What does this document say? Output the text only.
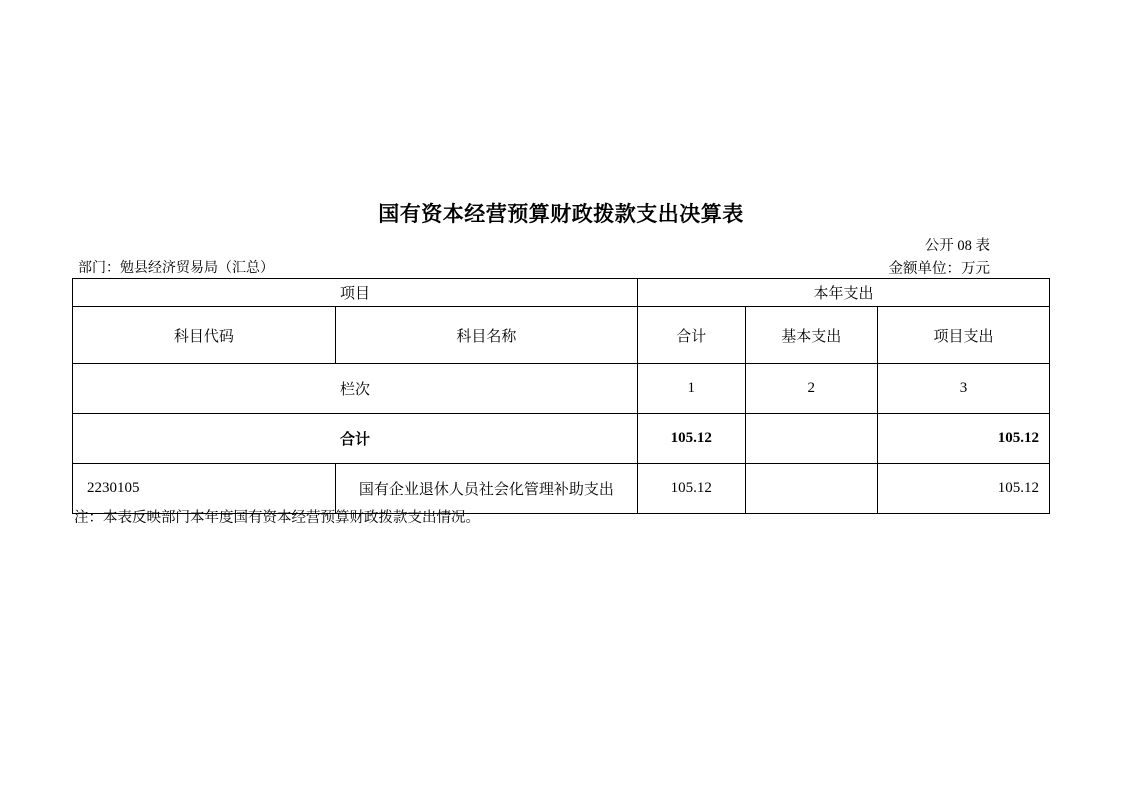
国有资本经营预算财政拨款支出决算表
公开 08 表
部门：勉县经济贸易局（汇总）	金额单位：万元
项目		本年支出		
科目代码	科目名称	合计	基本支出	项目支出
栏次		1	2	3
合计		105.12		105.12
2230105	国有企业退休人员社会化管理补助支出	105.12		105.12
注：本表反映部门本年度国有资本经营预算财政拨款支出情况。
